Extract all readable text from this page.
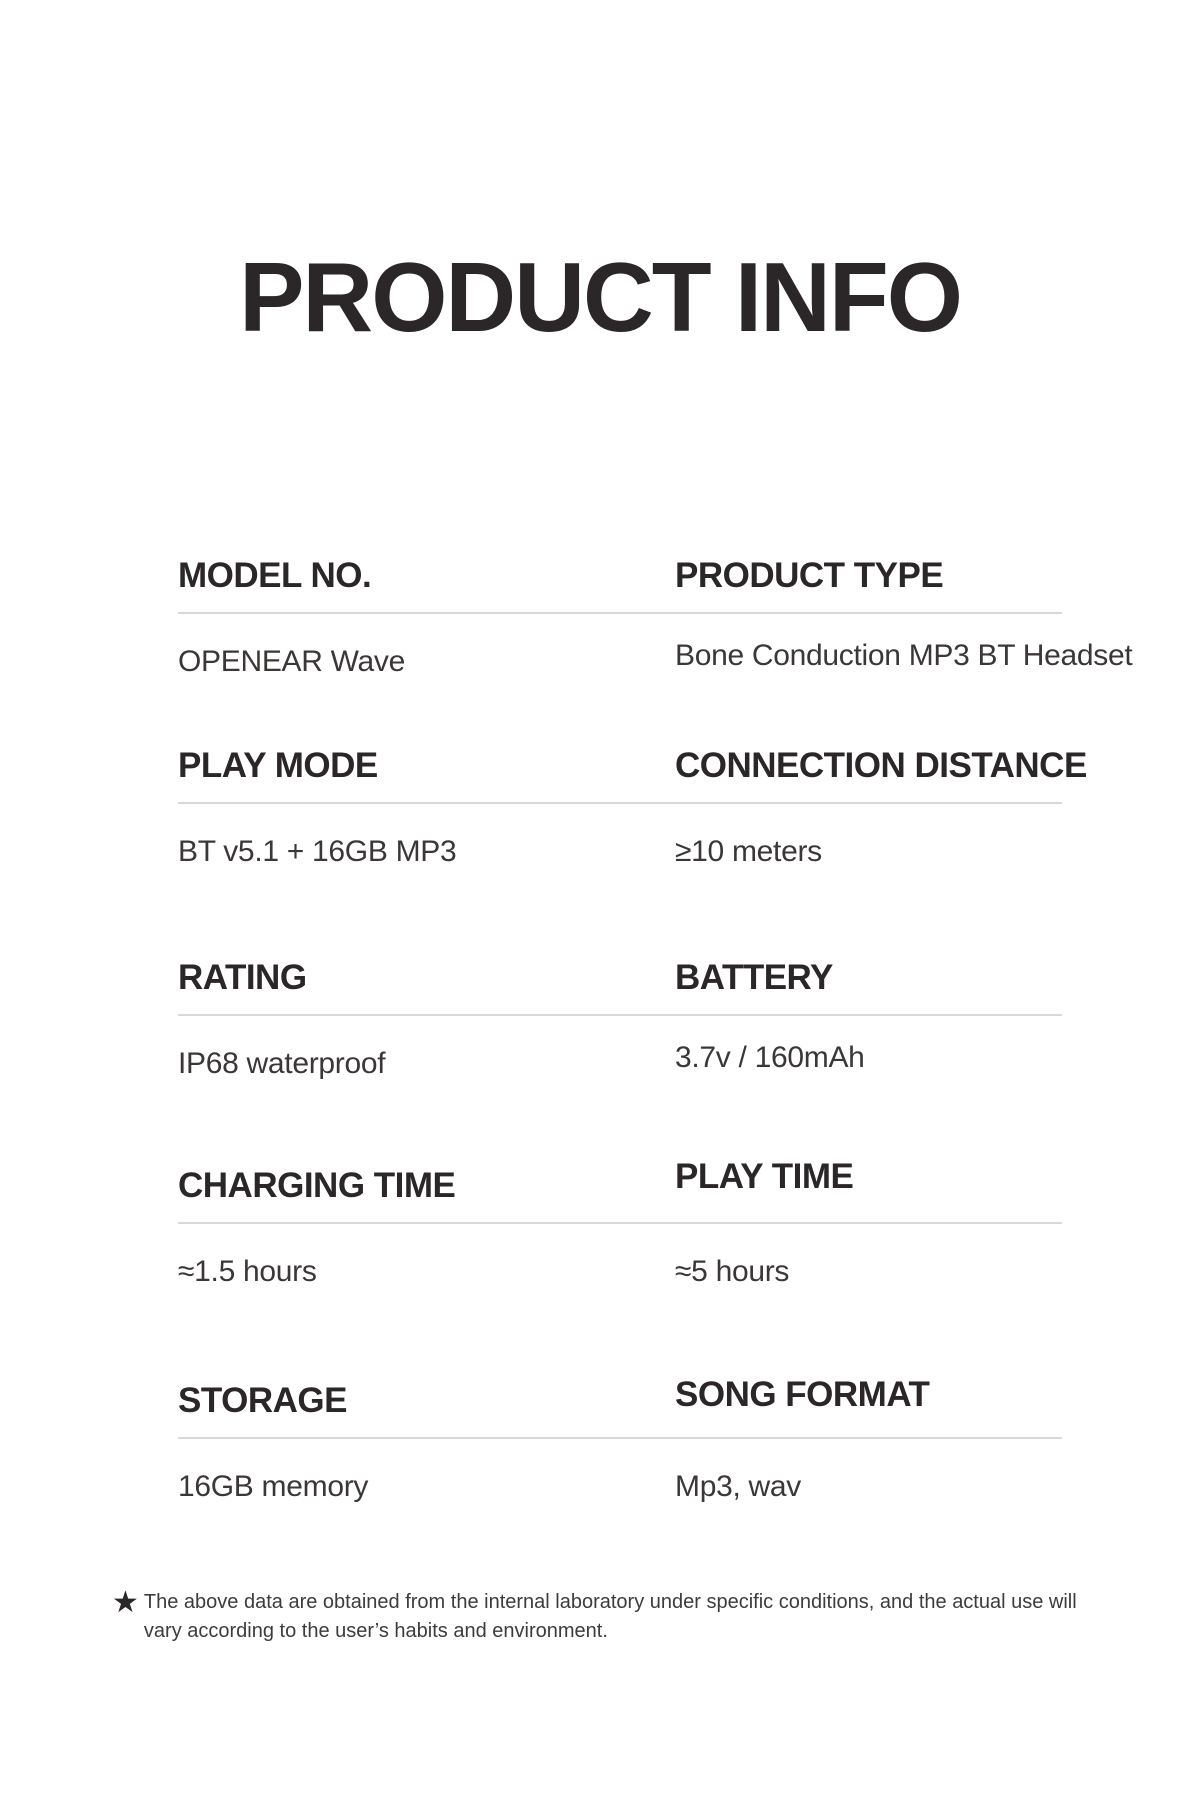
PRODUCT INFO
MODEL NO.	PRODUCT TYPE

OPENEAR Wave	Bone Conduction MP3 BT Headset

PLAY MODE	CONNECTION DISTANCE

BT v5.1 + 16GB MP3	≥10 meters

RATING	BATTERY

IP68 waterproof	3.7v / 160mAh

CHARGING TIME	PLAY TIME

≈1.5 hours	≈5 hours

STORAGE	SONG FORMAT

16GB memory	Mp3, wav

★ The above data are obtained from the internal laboratory under specific conditions, and the actual use will vary according to the user’s habits and environment.
